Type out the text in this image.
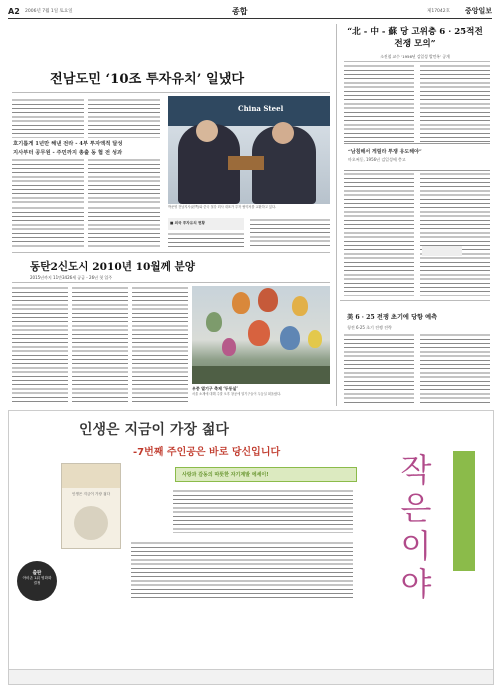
A2 2006년 7월 1일 토요일	종합	제17042호 중앙일보
전남도민 ‘10조 투자유치’ 일냈다
호기롭게 1년만 해낸 전라 - 4부 투자액적 달성
지사부터 공무원 - 주민까지 총출 동 협 전 성과
China Steel
박준영 전남지사(왼쪽)와 중국 철강 회사 대표가 투자 협약서를 교환하고 있다.
■ 외국 투자유치 현황
“北 - 中 - 蘇 당 고위층 6 · 25적전 전쟁 모의”
소진철 교수 ‘1956년 김일성 발언록’ 공개
“남침해서 게릴라 투쟁 유도해야”
마오쩌둥, 1956년 김일성에 충고
美 6 · 25 전쟁 초기에 당항 예측
청전 6·25 초기 전쟁 전략
동탄2신도시 2010년 10월께 분양
2015년까지 11만3426세 공급 - 26년 첫 입주
우중 열기구 축제 ‘두둥실’
서울 소재에 대해 주말 오후 창공에 열기구들이 두둥실 떠올랐다.
인생은 지금이 가장 젊다
-7번째 주인공은 바로 당신입니다
인생은 지금이 가장 젊다
출판
아마존 1위 영화화 결정
사랑과 감동의 따뜻한 자기계발 에세이!	작
은
이
야
